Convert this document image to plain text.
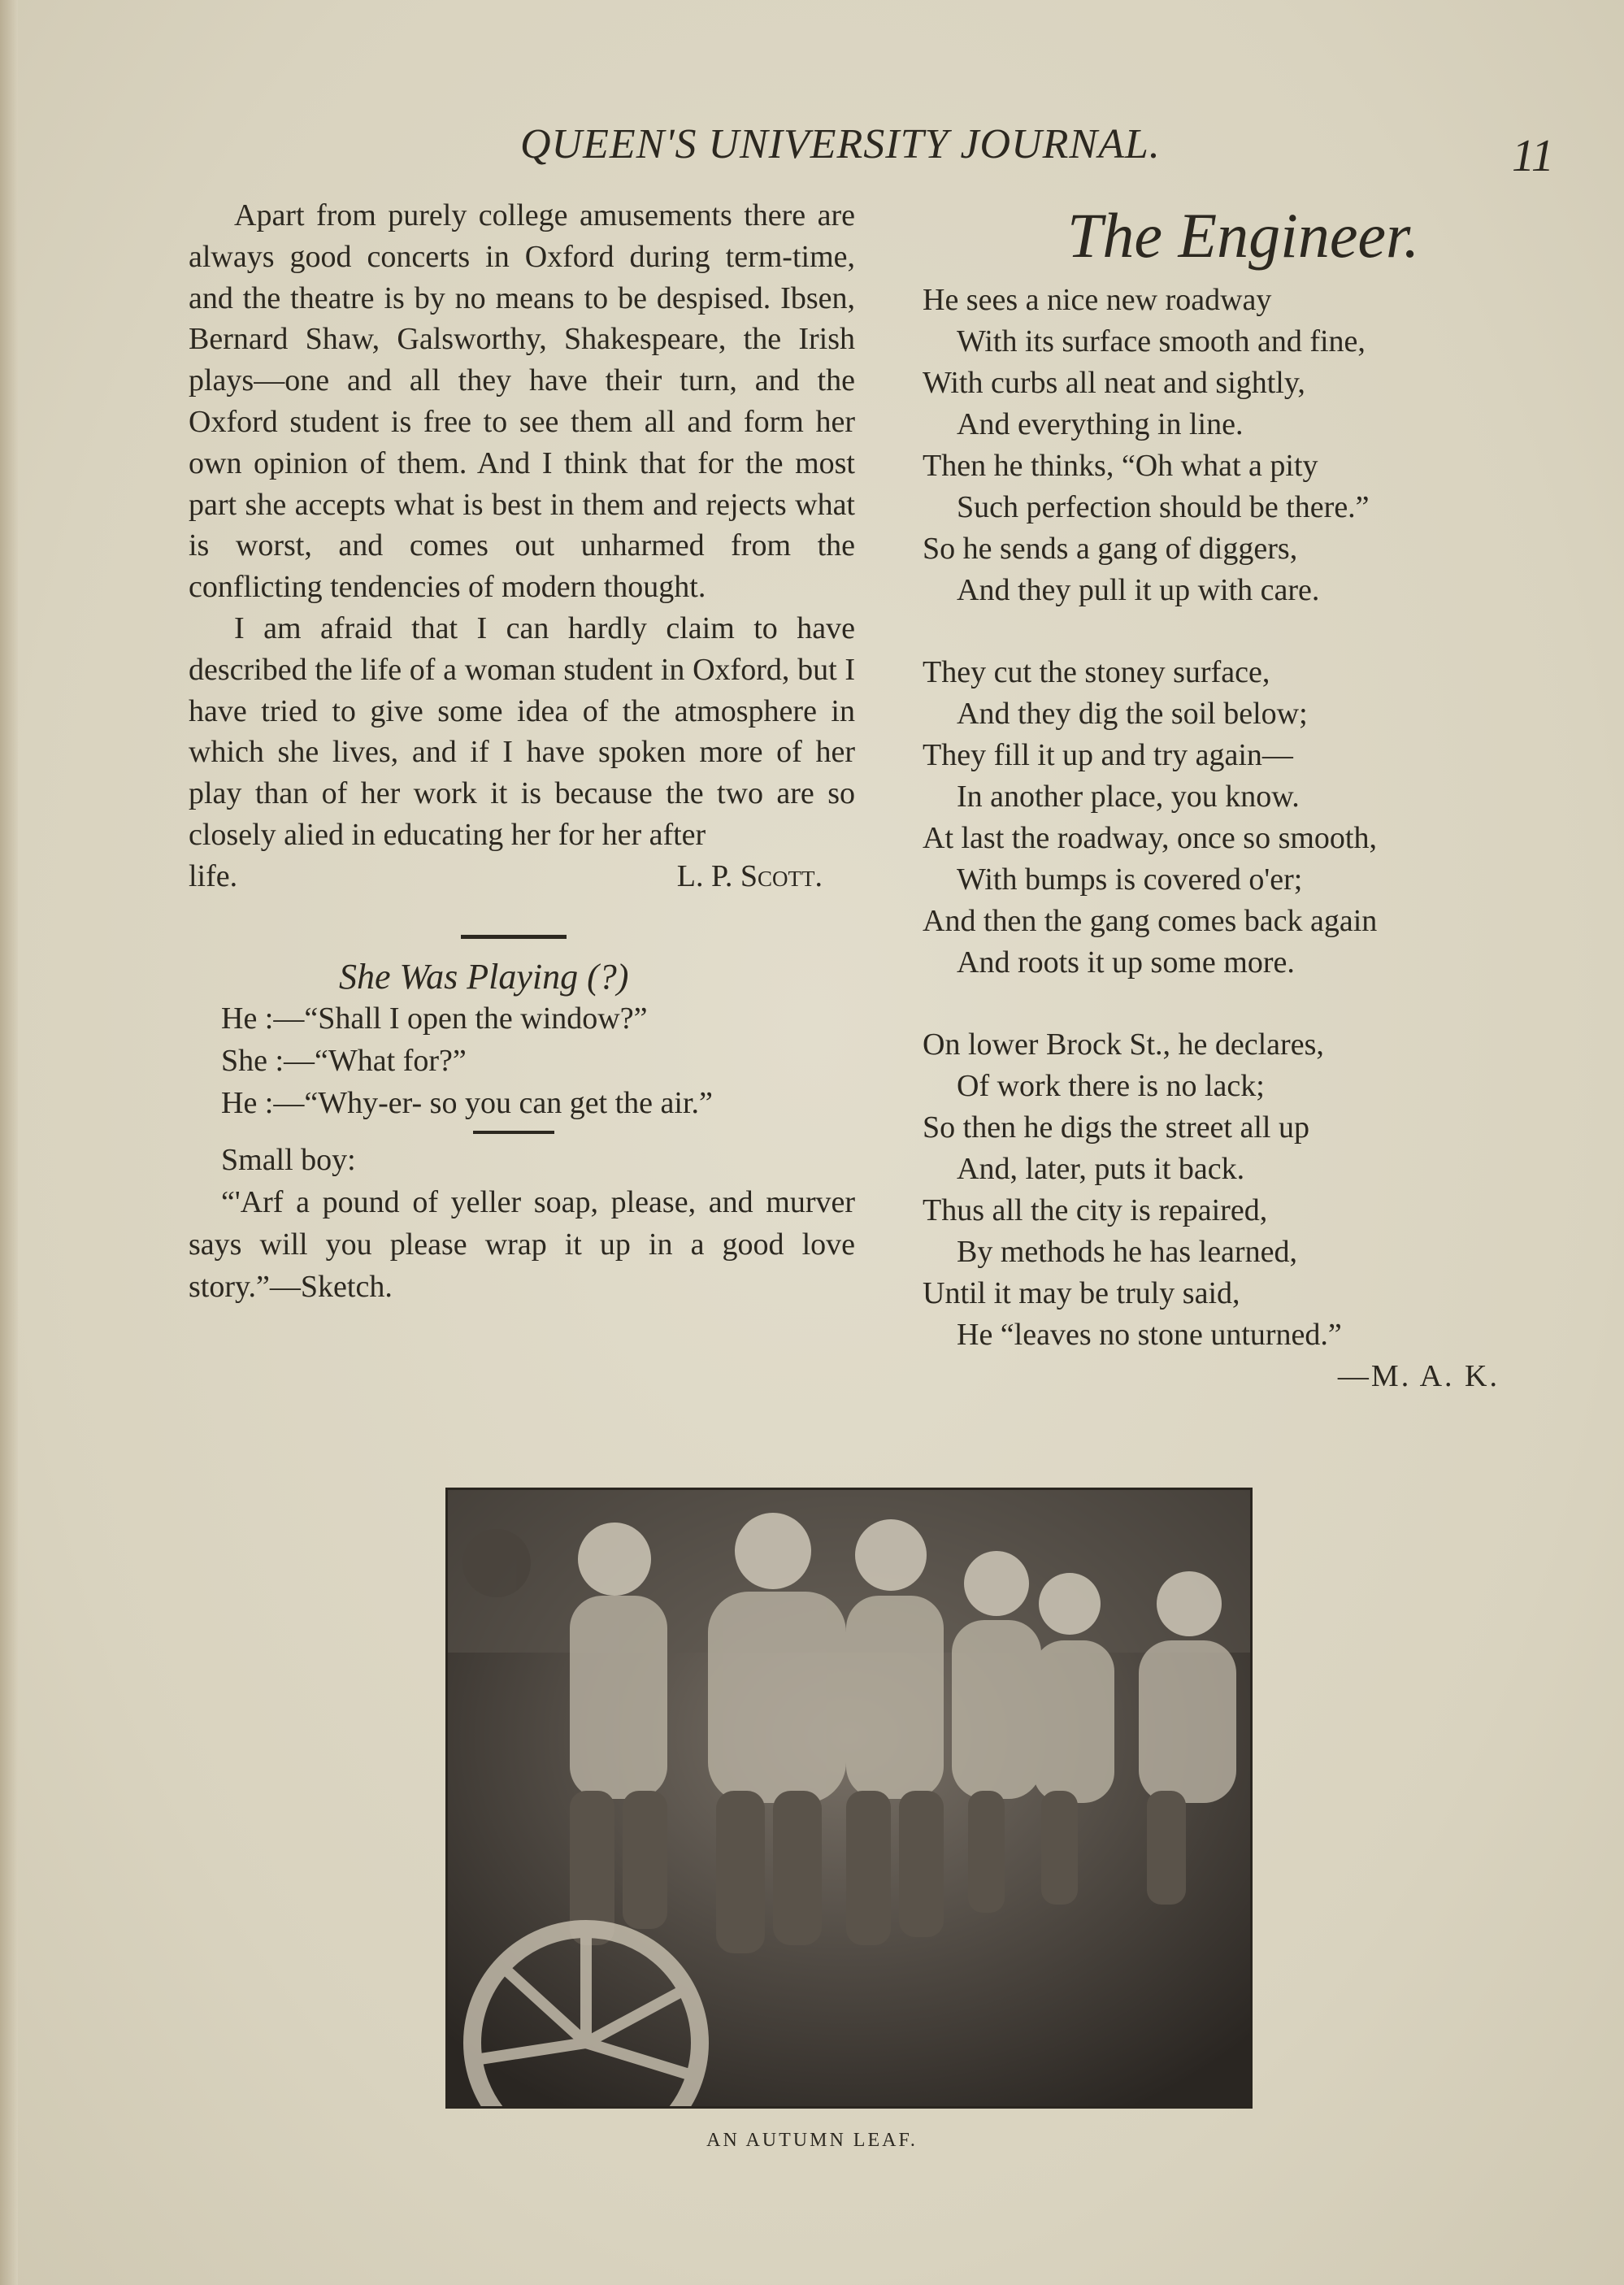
QUEEN'S UNIVERSITY JOURNAL.	11

Apart from purely college amusements there are always good concerts in Oxford during term-time, and the theatre is by no means to be despised. Ibsen, Bernard Shaw, Galsworthy, Shakespeare, the Irish plays—one and all they have their turn, and the Oxford student is free to see them all and form her own opinion of them. And I think that for the most part she accepts what is best in them and rejects what is worst, and comes out unharmed from the conflicting tendencies of modern thought.

I am afraid that I can hardly claim to have described the life of a woman student in Oxford, but I have tried to give some idea of the atmosphere in which she lives, and if I have spoken more of her play than of her work it is because the two are so closely alied in educating her for her after

life.	L. P. Scott.
She Was Playing (?)
He :—“Shall I open the window?”
She :—“What for?”
He :—“Why-er- so you can get the air.”
Small boy:
“'Arf a pound of yeller soap, please, and murver says will you please wrap it up in a good love story.”—Sketch.
The Engineer.
He sees a nice new roadway
With its surface smooth and fine,
With curbs all neat and sightly,
And everything in line.
Then he thinks, “Oh what a pity
Such perfection should be there.”
So he sends a gang of diggers,
And they pull it up with care.
They cut the stoney surface,
And they dig the soil below;
They fill it up and try again—
In another place, you know.
At last the roadway, once so smooth,
With bumps is covered o'er;
And then the gang comes back again
And roots it up some more.
On lower Brock St., he declares,
Of work there is no lack;
So then he digs the street all up
And, later, puts it back.
Thus all the city is repaired,
By methods he has learned,
Until it may be truly said,
He “leaves no stone unturned.”
—M. A. K.
AN AUTUMN LEAF.
